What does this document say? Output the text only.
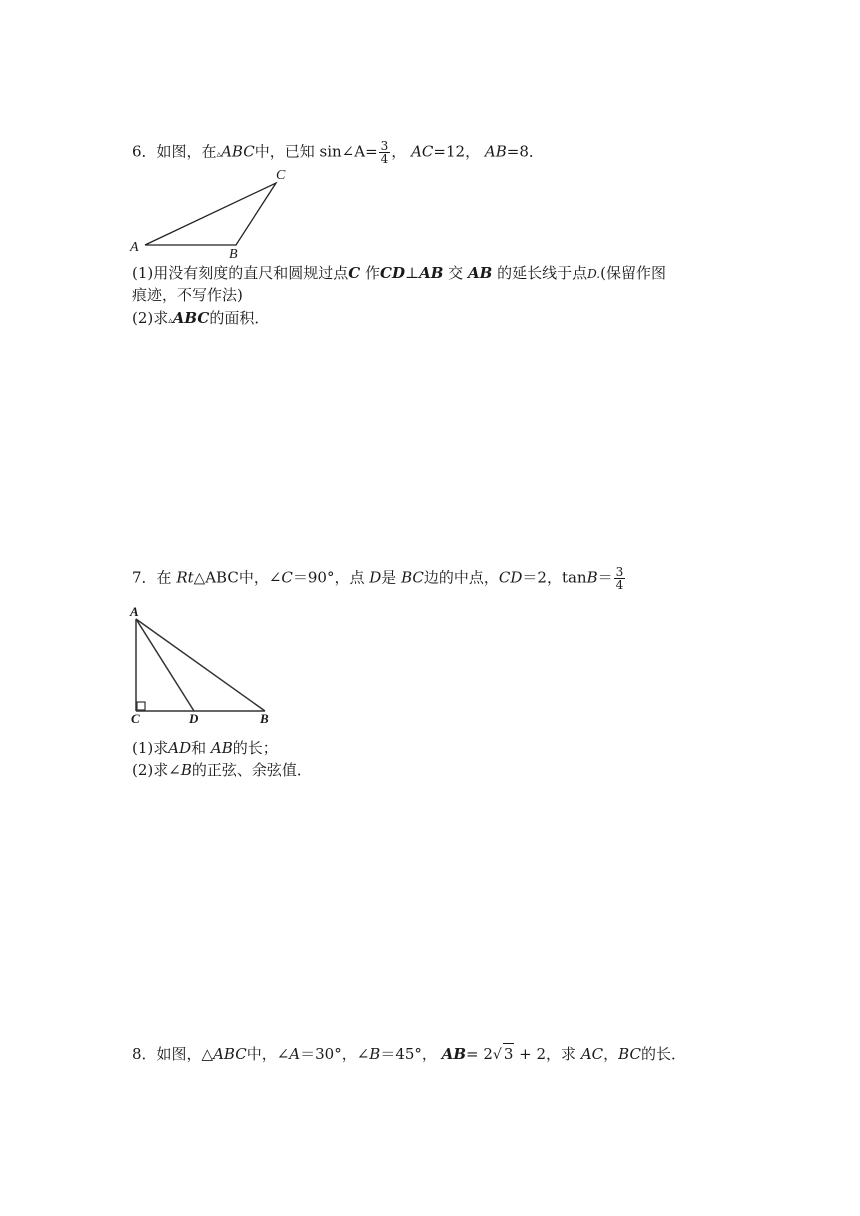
6．如图，在▵ABC中，已知 sin∠A= $\frac{3}{4}$ ， AC=12， AB=8．
C
A	B
(1)用没有刻度的直尺和圆规过点C 作CD⊥AB 交 AB 的延长线于点D.(保留作图
痕迹，不写作法)
(2)求▵ABC的面积．
7．在 Rt△ABC中，∠C＝90°，点 D是 BC边的中点，CD＝2，$\tan B= \frac{3}{4}$
A
C	D	B
(1)求AD和 AB的长；
(2)求∠B的正弦、余弦值．
8．如图，△ABC中，∠A＝30°，∠B＝45°， AB= 2√ 3 + 2，求 AC，BC的长．
